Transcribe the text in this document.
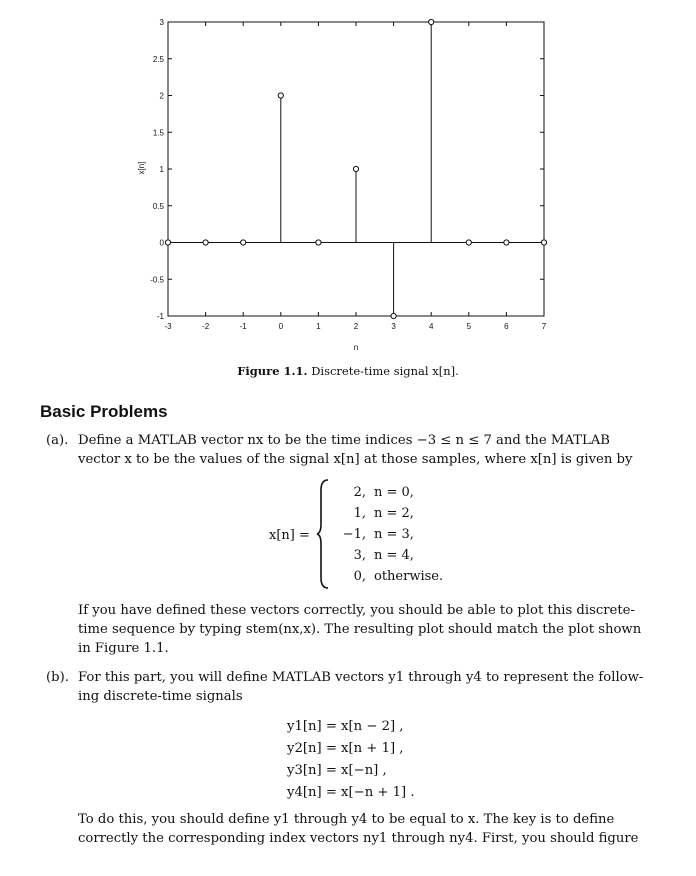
-3	-2	-1	0	1	2	3	4	5	6	7
-1
-0.5
0
0.5
1
1.5
2
2.5
3
n
x[n]
Figure 1.1. Discrete-time signal x[n].
Basic Problems
(a). Define a MATLAB vector nx to be the time indices −3 ≤ n ≤ 7 and the MATLAB
vector x to be the values of the signal x[n] at those samples, where x[n] is given by
x[n] =
2, n = 0,
1, n = 2,
−1, n = 3,
3, n = 4,
0, otherwise.
If you have defined these vectors correctly, you should be able to plot this discrete-
time sequence by typing stem(nx,x). The resulting plot should match the plot shown
in Figure 1.1.
(b). For this part, you will define MATLAB vectors y1 through y4 to represent the follow-
ing discrete-time signals
y1[n] = x[n − 2] ,
y2[n] = x[n + 1] ,
y3[n] = x[−n] ,
y4[n] = x[−n + 1] .
To do this, you should define y1 through y4 to be equal to x. The key is to define
correctly the corresponding index vectors ny1 through ny4. First, you should figure
